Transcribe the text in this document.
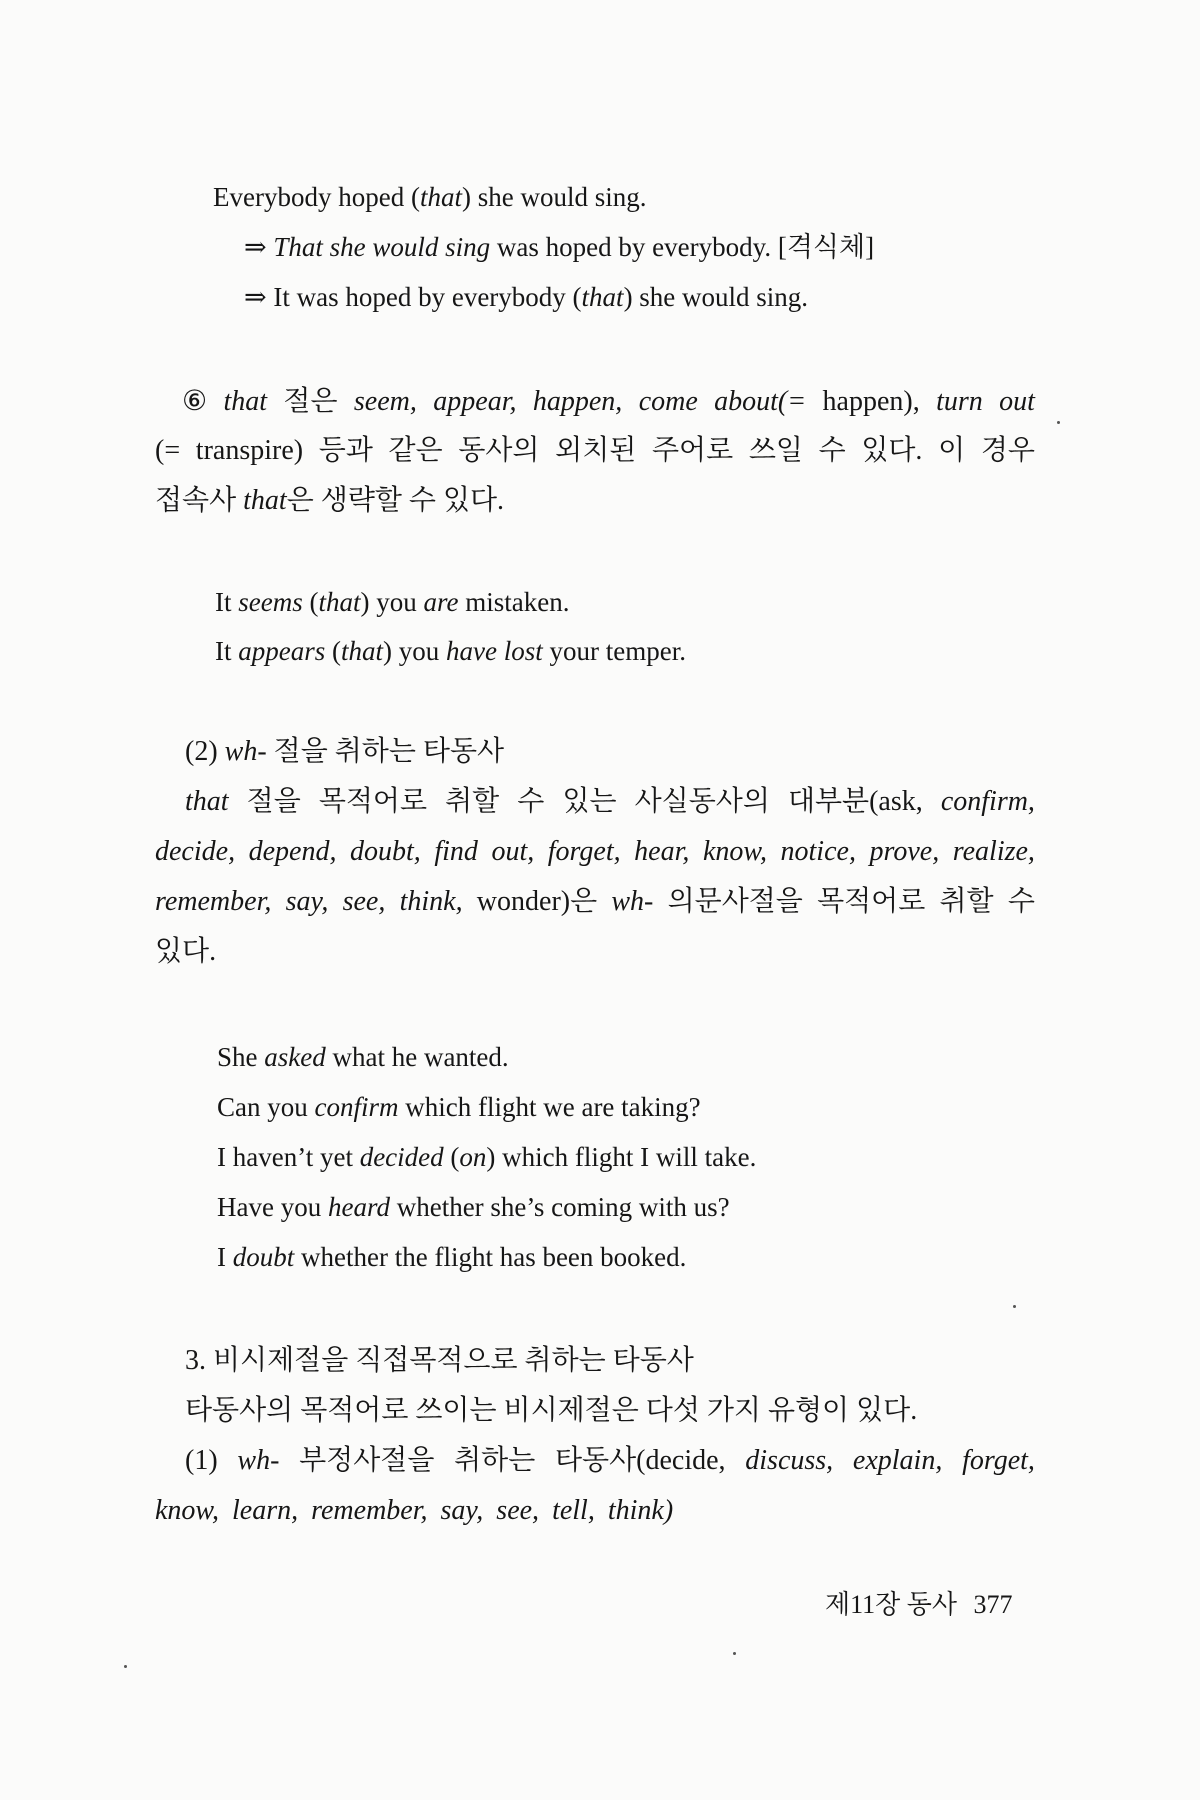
Everybody hoped (that) she would sing.
⇒ That she would sing was hoped by everybody. [격식체]
⇒ It was hoped by everybody (that) she would sing.
⑥ that 절은 seem, appear, happen, come about(= happen), turn out
(= transpire) 등과 같은 동사의 외치된 주어로 쓰일 수 있다. 이 경우
접속사 that은 생략할 수 있다.
It seems (that) you are mistaken.
It appears (that) you have lost your temper.
(2) wh- 절을 취하는 타동사
that 절을 목적어로 취할 수 있는 사실동사의 대부분(ask, confirm,
decide, depend, doubt, find out, forget, hear, know, notice, prove, realize,
remember, say, see, think, wonder)은 wh- 의문사절을 목적어로 취할 수
있다.
She asked what he wanted.
Can you confirm which flight we are taking?
I haven’t yet decided (on) which flight I will take.
Have you heard whether she’s coming with us?
I doubt whether the flight has been booked.
3. 비시제절을 직접목적으로 취하는 타동사
타동사의 목적어로 쓰이는 비시제절은 다섯 가지 유형이 있다.
(1) wh- 부정사절을 취하는 타동사(decide, discuss, explain, forget,
know, learn, remember, say, see, tell, think)
제11장 동사 377
